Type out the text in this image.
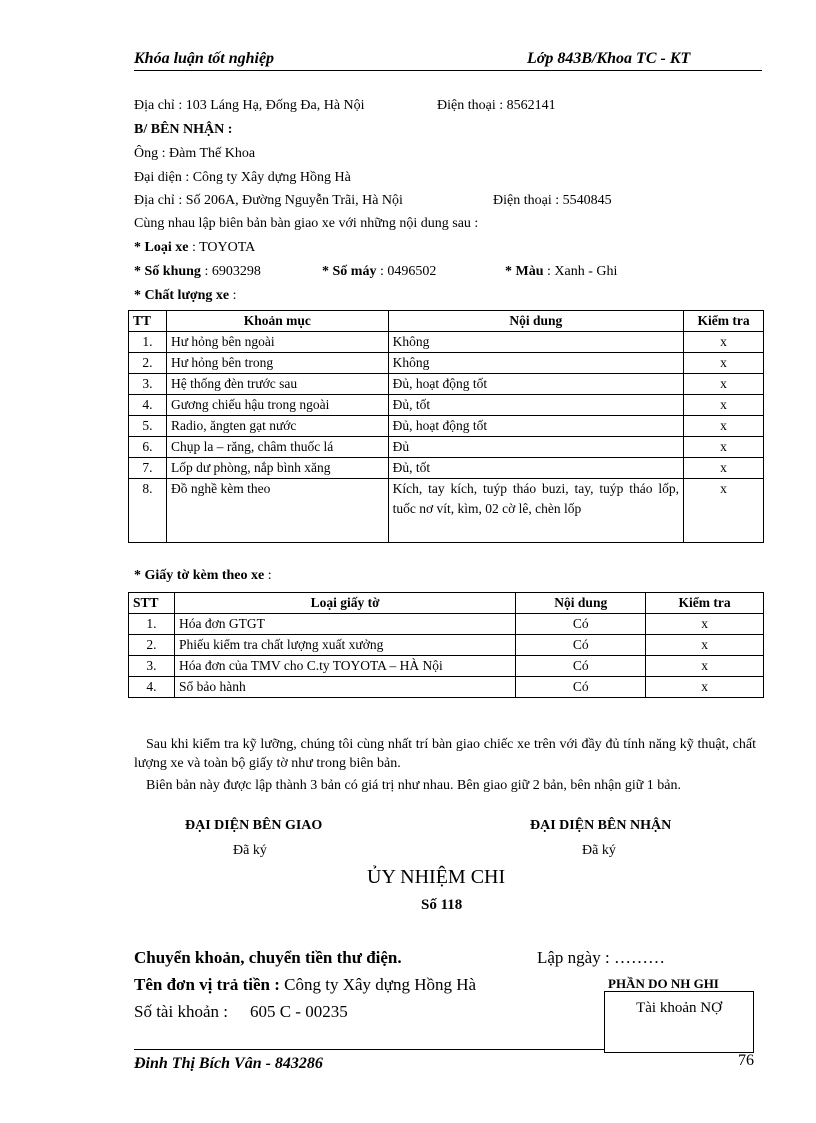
Khóa luận tốt nghiệp	Lớp 843B/Khoa TC - KT
Địa chỉ : 103 Láng Hạ, Đống Đa, Hà Nội	Điện thoại : 8562141
B/ BÊN NHẬN :
Ông : Đàm Thế Khoa
Đại diện : Công ty Xây dựng Hồng Hà
Địa chỉ : Số 206A, Đường Nguyễn Trãi, Hà Nội	Điện thoại : 5540845
Cùng nhau lập biên bản bàn giao xe với những nội dung sau :
* Loại xe : TOYOTA
* Số khung : 6903298	* Số máy : 0496502	* Màu : Xanh - Ghi
* Chất lượng xe :
TT	Khoản mục	Nội dung	Kiểm tra
1.	Hư hỏng bên ngoài	Không	x
2.	Hư hỏng bên trong	Không	x
3.	Hệ thống đèn trước sau	Đủ, hoạt động tốt	x
4.	Gương chiếu hậu trong ngoài	Đủ, tốt	x
5.	Radio, ăngten gạt nước	Đủ, hoạt động tốt	x
6.	Chụp la – răng, châm thuốc lá	Đủ	x
7.	Lốp dư phòng, nắp bình xăng	Đủ, tốt	x
8.	Đồ nghề kèm theo	Kích, tay kích, tuýp tháo buzi, tay, tuýp tháo lốp, tuốc nơ vít, kìm, 02 cờ lê, chèn lốp	x
* Giấy tờ kèm theo xe :
STT	Loại giấy tờ	Nội dung	Kiểm tra
1.	Hóa đơn GTGT	Có	x
2.	Phiếu kiểm tra chất lượng xuất xưởng	Có	x
3.	Hóa đơn của TMV cho C.ty TOYOTA – HÀ Nội	Có	x
4.	Sổ bảo hành	Có	x
Sau khi kiểm tra kỹ lưỡng, chúng tôi cùng nhất trí bàn giao chiếc xe trên với đầy đủ tính năng kỹ thuật, chất lượng xe và toàn bộ giấy tờ như trong biên bản.
Biên bản này được lập thành 3 bản có giá trị như nhau. Bên giao giữ 2 bản, bên nhận giữ 1 bản.
ĐẠI DIỆN BÊN GIAO
Đã ký
ĐẠI DIỆN BÊN NHẬN
Đã ký
ỦY NHIỆM CHI
Số 118
Chuyển khoản, chuyển tiền thư điện.	Lập ngày : ………
Tên đơn vị trả tiền : Công ty Xây dựng Hồng Hà	PHẦN DO NH GHI
Số tài khoản : 605 C - 00235	Tài khoản NỢ
Đinh Thị Bích Vân - 843286	76
